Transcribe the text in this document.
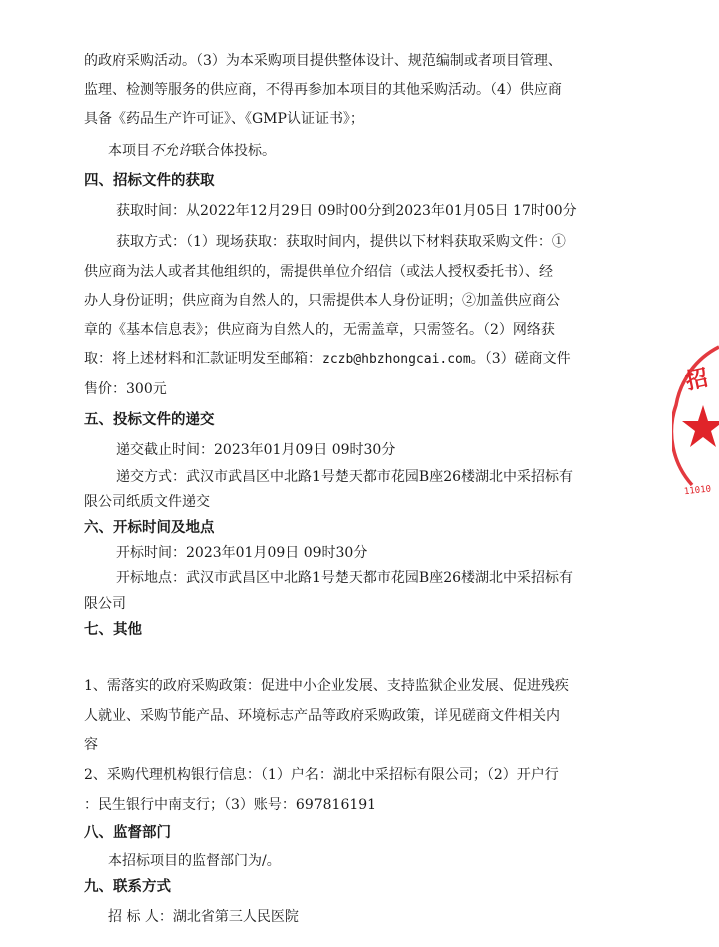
的政府采购活动。（3）为本采购项目提供整体设计、规范编制或者项目管理、
监理、检测等服务的供应商，不得再参加本项目的其他采购活动。（4）供应商
具备《药品生产许可证》、《GMP认证证书》；
本项目不允许联合体投标。
四、招标文件的获取
获取时间：从2022年12月29日 09时00分到2023年01月05日 17时00分
获取方式：（1）现场获取：获取时间内，提供以下材料获取采购文件：①
供应商为法人或者其他组织的，需提供单位介绍信（或法人授权委托书）、经
办人身份证明；供应商为自然人的，只需提供本人身份证明；②加盖供应商公
章的《基本信息表》；供应商为自然人的，无需盖章，只需签名。（2）网络获
取：将上述材料和汇款证明发至邮箱：zczb@hbzhongcai.com。（3）磋商文件
售价：300元
五、投标文件的递交
递交截止时间：2023年01月09日 09时30分
递交方式：武汉市武昌区中北路1号楚天都市花园B座26楼湖北中采招标有
限公司纸质文件递交
六、开标时间及地点
开标时间：2023年01月09日 09时30分
开标地点：武汉市武昌区中北路1号楚天都市花园B座26楼湖北中采招标有
限公司
七、其他
1、需落实的政府采购政策：促进中小企业发展、支持监狱企业发展、促进残疾
人就业、采购节能产品、环境标志产品等政府采购政策，详见磋商文件相关内
容
2、采购代理机构银行信息：（1）户名：湖北中采招标有限公司；（2）开户行
：民生银行中南支行；（3）账号：697816191
八、监督部门
本招标项目的监督部门为/。
九、联系方式
招 标 人：湖北省第三人民医院
招
11010
